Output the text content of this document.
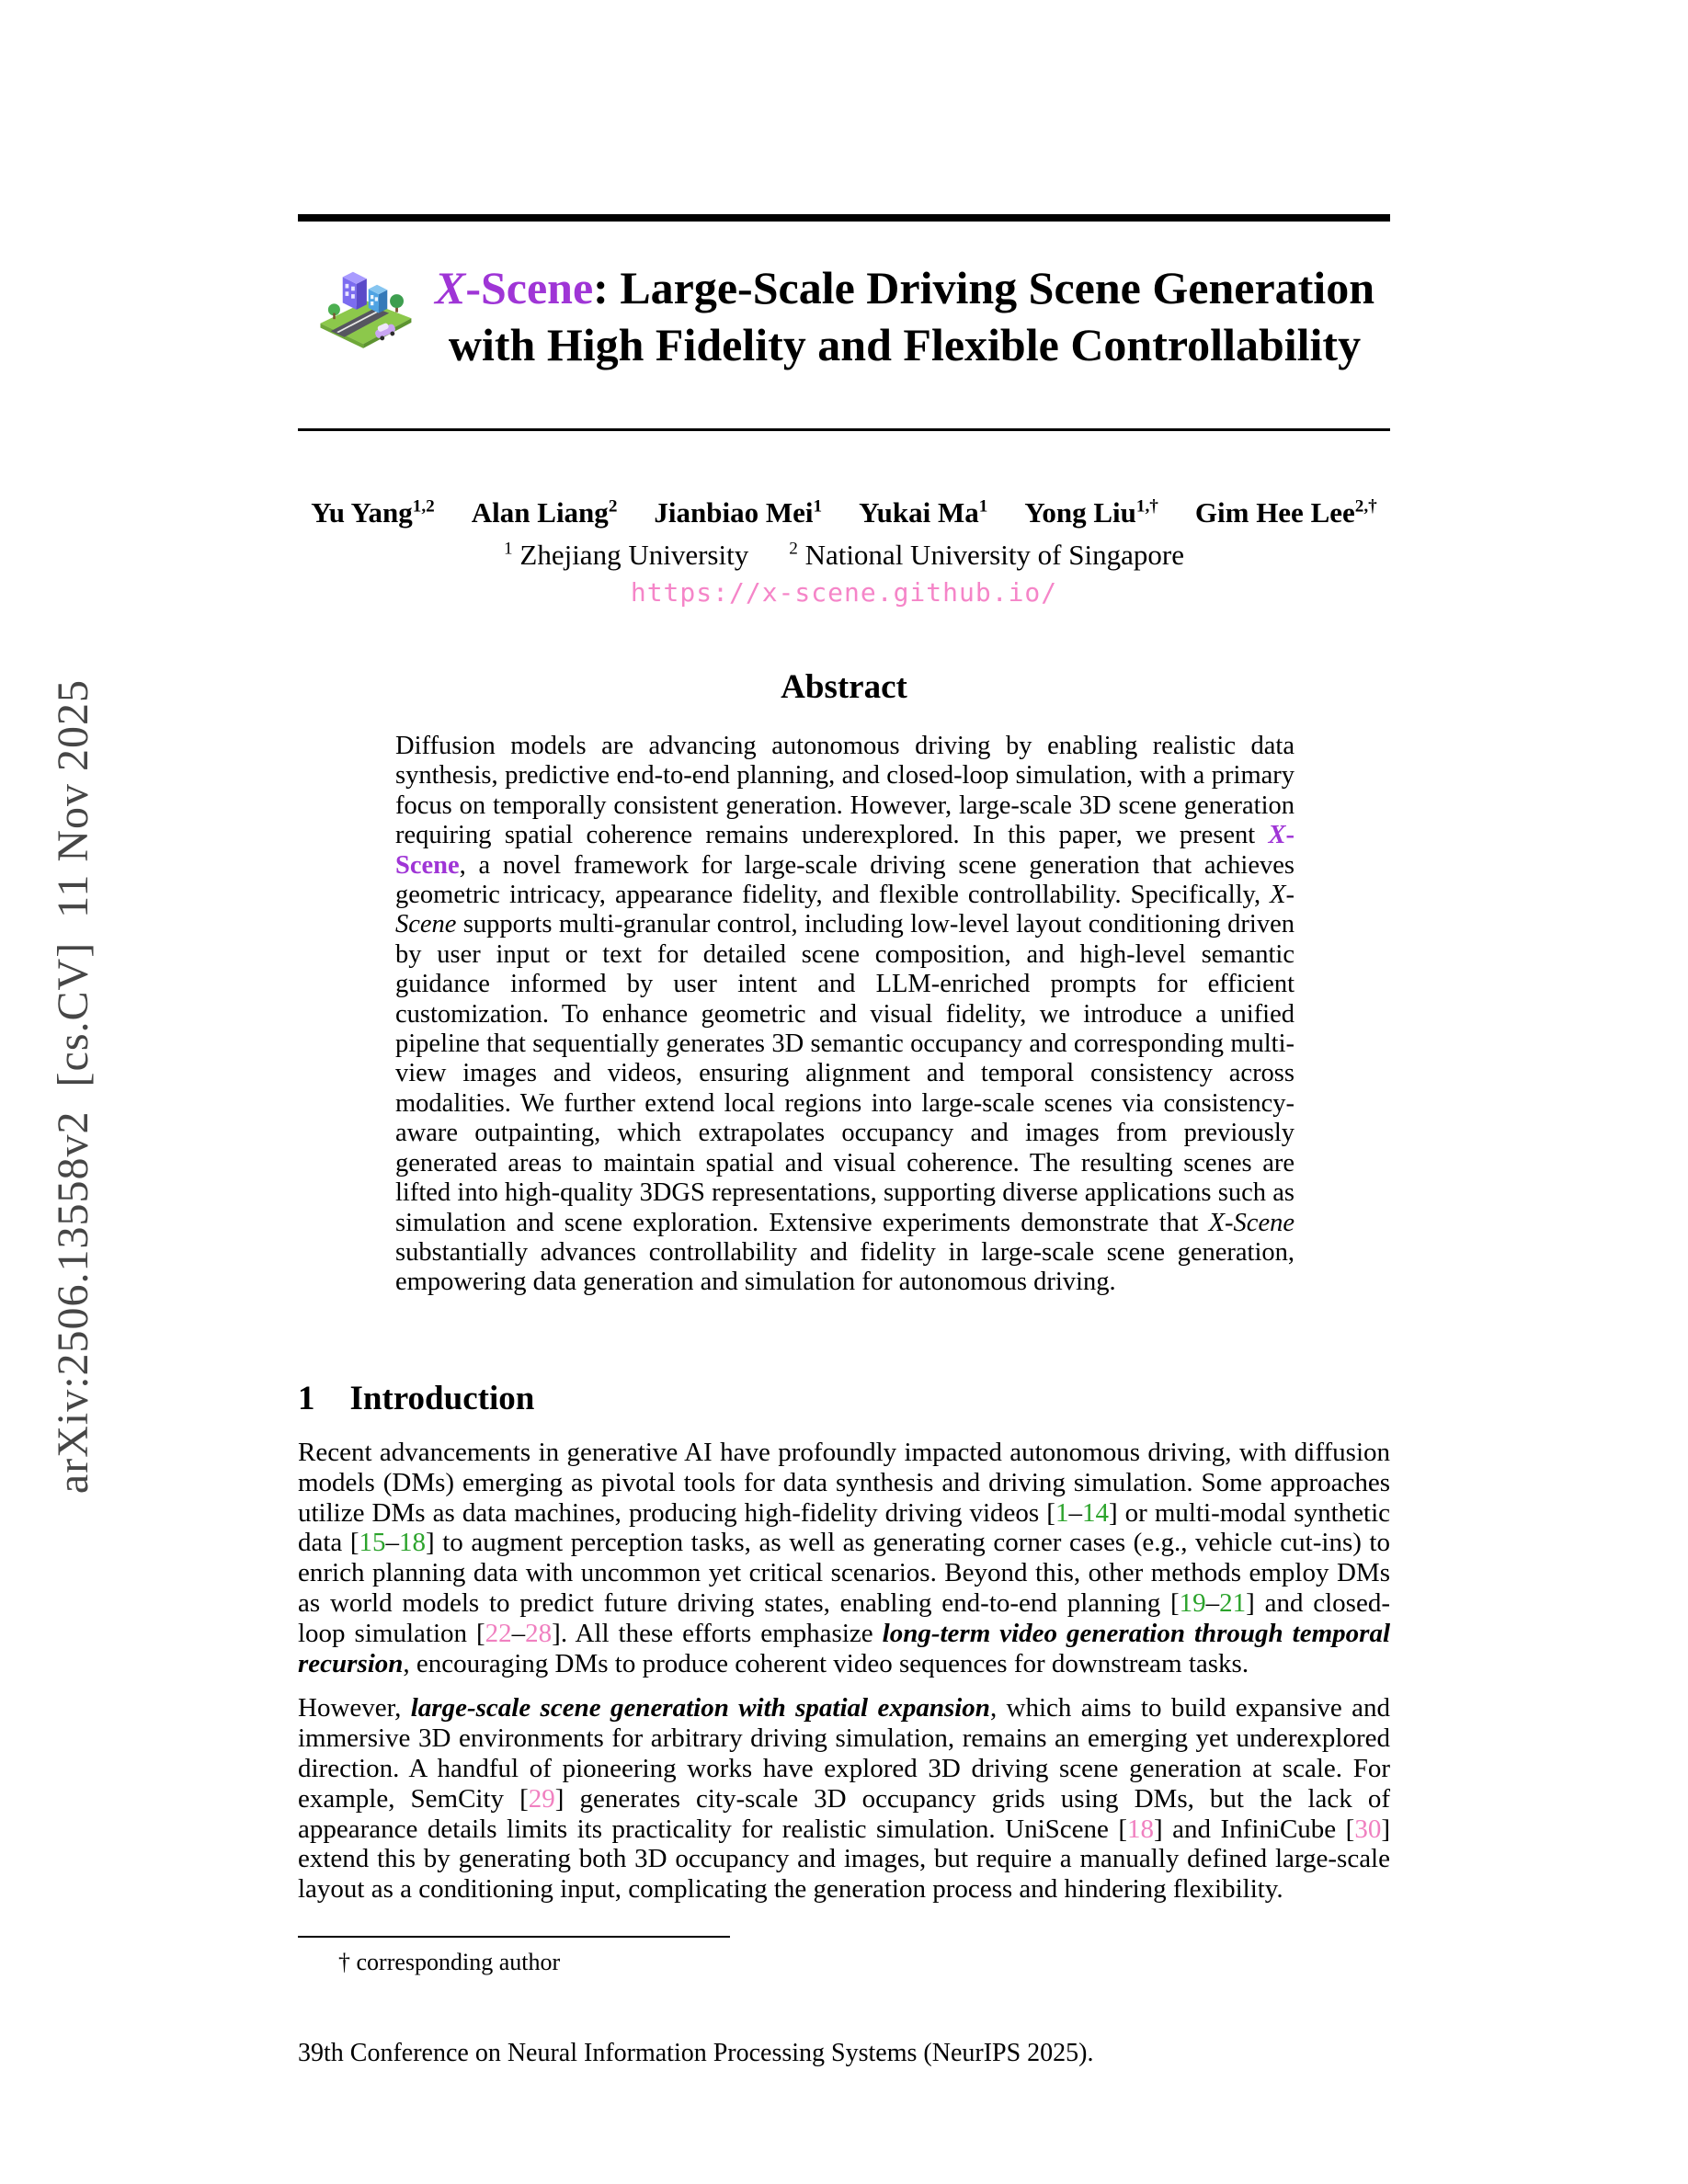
arXiv:2506.13558v2  [cs.CV]  11 Nov 2025
X-Scene: Large-Scale Driving Scene Generation
with High Fidelity and Flexible Controllability
Yu Yang$^{1,2}$ Alan Liang$^2$ Jianbiao Mei$^1$ Yukai Ma$^1$ Yong Liu$^{1,\dagger}$ Gim Hee Lee$^{2,\dagger}$
$^1$ Zhejiang University $^2$ National University of Singapore
https://x-scene.github.io/
Abstract
Diffusion models are advancing autonomous driving by enabling realistic data synthesis, predictive end-to-end planning, and closed-loop simulation, with a primary focus on temporally consistent generation. However, large-scale 3D scene generation requiring spatial coherence remains underexplored. In this paper, we present X-Scene, a novel framework for large-scale driving scene generation that achieves geometric intricacy, appearance fidelity, and flexible controllability. Specifically, X-Scene supports multi-granular control, including low-level layout conditioning driven by user input or text for detailed scene composition, and high-level semantic guidance informed by user intent and LLM-enriched prompts for efficient customization. To enhance geometric and visual fidelity, we introduce a unified pipeline that sequentially generates 3D semantic occupancy and corresponding multi-view images and videos, ensuring alignment and temporal consistency across modalities. We further extend local regions into large-scale scenes via consistency-aware outpainting, which extrapolates occupancy and images from previously generated areas to maintain spatial and visual coherence. The resulting scenes are lifted into high-quality 3DGS representations, supporting diverse applications such as simulation and scene exploration. Extensive experiments demonstrate that X-Scene substantially advances controllability and fidelity in large-scale scene generation, empowering data generation and simulation for autonomous driving.
1 Introduction

Recent advancements in generative AI have profoundly impacted autonomous driving, with diffusion models (DMs) emerging as pivotal tools for data synthesis and driving simulation. Some approaches utilize DMs as data machines, producing high-fidelity driving videos [1–14] or multi-modal synthetic data [15–18] to augment perception tasks, as well as generating corner cases (e.g., vehicle cut-ins) to enrich planning data with uncommon yet critical scenarios. Beyond this, other methods employ DMs as world models to predict future driving states, enabling end-to-end planning [19–21] and closed-loop simulation [22–28]. All these efforts emphasize long-term video generation through temporal recursion, encouraging DMs to produce coherent video sequences for downstream tasks.

However, large-scale scene generation with spatial expansion, which aims to build expansive and immersive 3D environments for arbitrary driving simulation, remains an emerging yet underexplored direction. A handful of pioneering works have explored 3D driving scene generation at scale. For example, SemCity [29] generates city-scale 3D occupancy grids using DMs, but the lack of appearance details limits its practicality for realistic simulation. UniScene [18] and InfiniCube [30] extend this by generating both 3D occupancy and images, but require a manually defined large-scale layout as a conditioning input, complicating the generation process and hindering flexibility.

† corresponding author
39th Conference on Neural Information Processing Systems (NeurIPS 2025).
